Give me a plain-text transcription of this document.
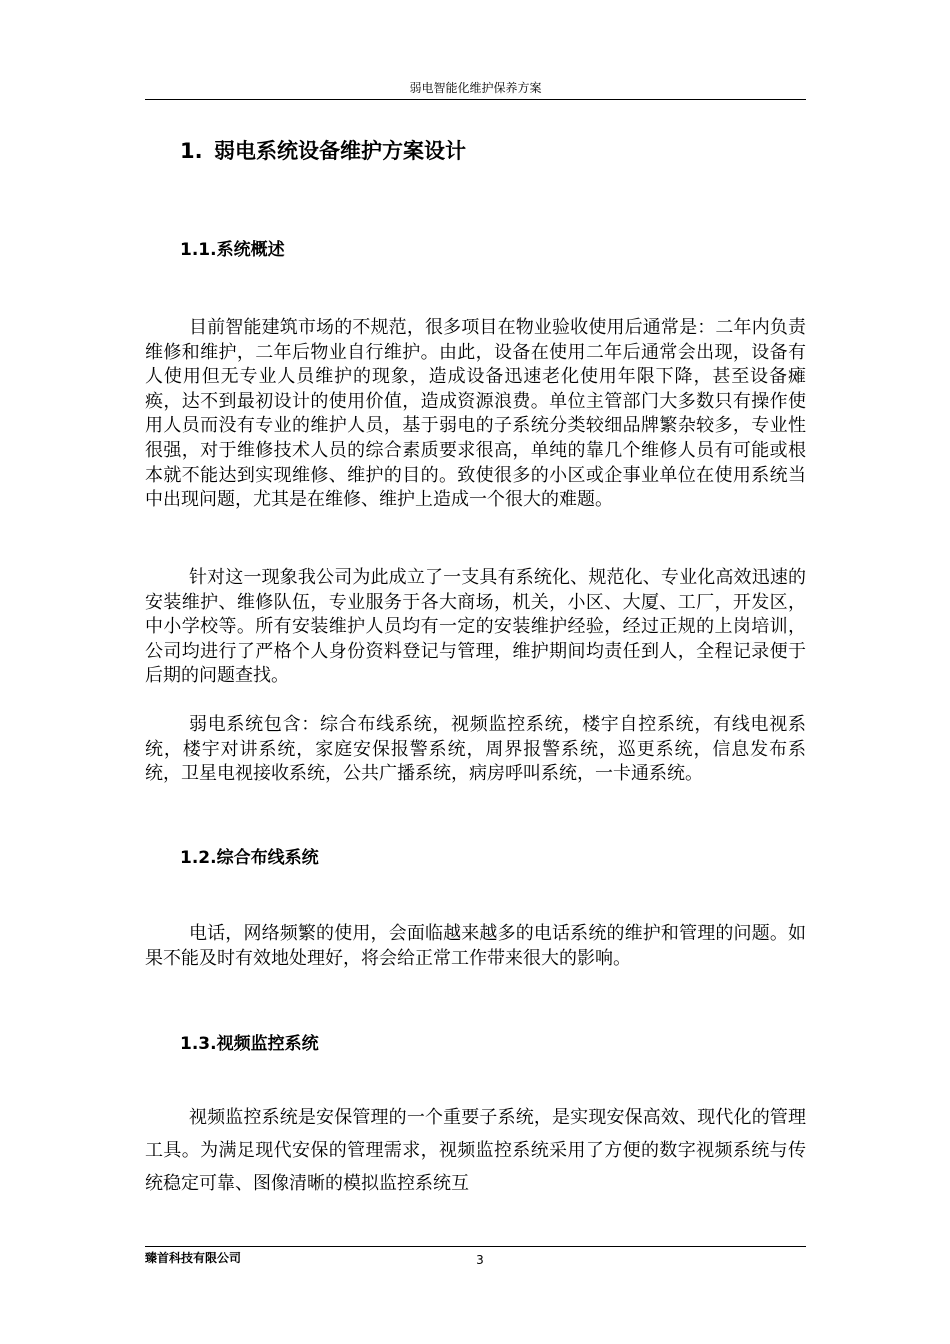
弱电智能化维护保养方案
1. 弱电系统设备维护方案设计
1.1.系统概述

目前智能建筑市场的不规范，很多项目在物业验收使用后通常是：二年内负责维修和维护，二年后物业自行维护。由此，设备在使用二年后通常会出现，设备有人使用但无专业人员维护的现象，造成设备迅速老化使用年限下降，甚至设备瘫痪，达不到最初设计的使用价值，造成资源浪费。单位主管部门大多数只有操作使用人员而没有专业的维护人员，基于弱电的子系统分类较细品牌繁杂较多，专业性很强，对于维修技术人员的综合素质要求很高，单纯的靠几个维修人员有可能或根本就不能达到实现维修、维护的目的。致使很多的小区或企事业单位在使用系统当中出现问题，尤其是在维修、维护上造成一个很大的难题。

针对这一现象我公司为此成立了一支具有系统化、规范化、专业化高效迅速的安装维护、维修队伍，专业服务于各大商场，机关，小区、大厦、工厂，开发区，中小学校等。所有安装维护人员均有一定的安装维护经验，经过正规的上岗培训，公司均进行了严格个人身份资料登记与管理，维护期间均责任到人，全程记录便于后期的问题查找。

弱电系统包含：综合布线系统，视频监控系统，楼宇自控系统，有线电视系统，楼宇对讲系统，家庭安保报警系统，周界报警系统，巡更系统，信息发布系统，卫星电视接收系统，公共广播系统，病房呼叫系统，一卡通系统。

1.2.综合布线系统

电话，网络频繁的使用，会面临越来越多的电话系统的维护和管理的问题。如果不能及时有效地处理好，将会给正常工作带来很大的影响。

1.3.视频监控系统

视频监控系统是安保管理的一个重要子系统，是实现安保高效、现代化的管理工具。为满足现代安保的管理需求，视频监控系统采用了方便的数字视频系统与传统稳定可靠、图像清晰的模拟监控系统互

臻首科技有限公司	3
